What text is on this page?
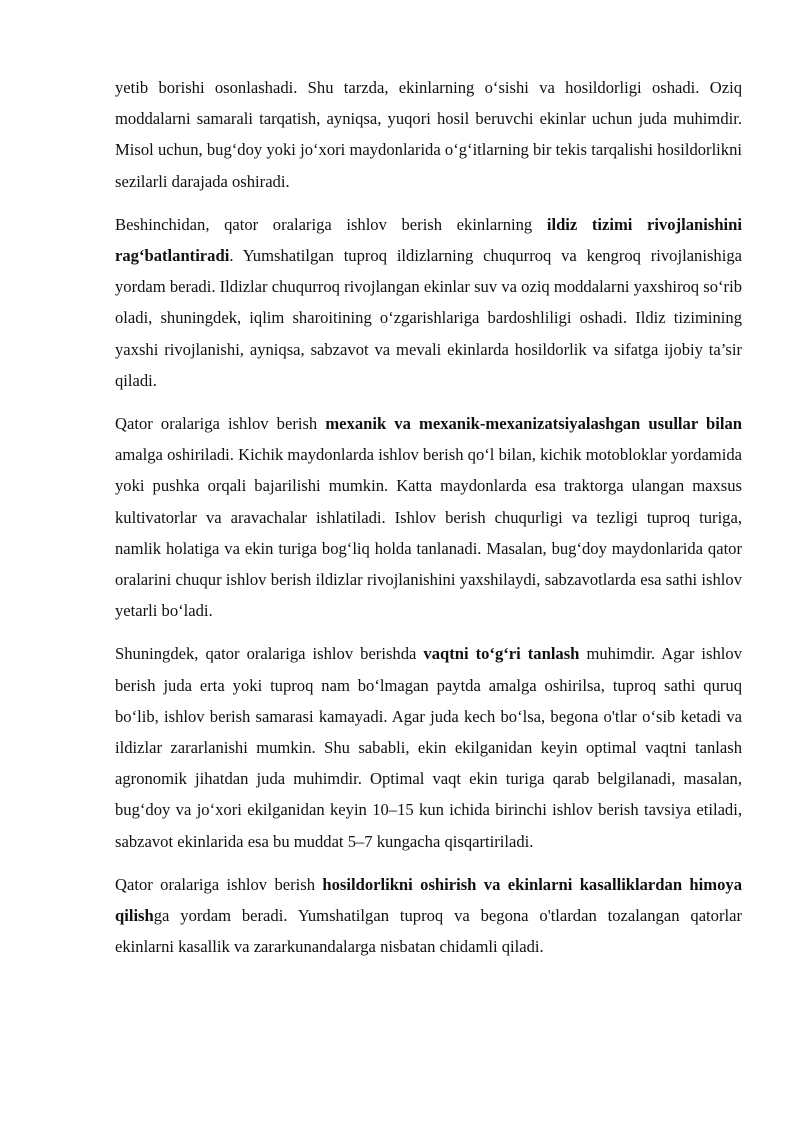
yetib borishi osonlashadi. Shu tarzda, ekinlarning o‘sishi va hosildorligi oshadi. Oziq moddalarni samarali tarqatish, ayniqsa, yuqori hosil beruvchi ekinlar uchun juda muhimdir. Misol uchun, bug‘doy yoki jo‘xori maydonlarida o‘g‘itlarning bir tekis tarqalishi hosildorlikni sezilarli darajada oshiradi.

Beshinchidan, qator oralariga ishlov berish ekinlarning ildiz tizimi rivojlanishini rag‘batlantiradi. Yumshatilgan tuproq ildizlarning chuqurroq va kengroq rivojlanishiga yordam beradi. Ildizlar chuqurroq rivojlangan ekinlar suv va oziq moddalarni yaxshiroq so‘rib oladi, shuningdek, iqlim sharoitining o‘zgarishlariga bardoshliligi oshadi. Ildiz tizimining yaxshi rivojlanishi, ayniqsa, sabzavot va mevali ekinlarda hosildorlik va sifatga ijobiy ta’sir qiladi.

Qator oralariga ishlov berish mexanik va mexanik-mexanizatsiyalashgan usullar bilan amalga oshiriladi. Kichik maydonlarda ishlov berish qo‘l bilan, kichik motobloklar yordamida yoki pushka orqali bajarilishi mumkin. Katta maydonlarda esa traktorga ulangan maxsus kultivatorlar va aravachalar ishlatiladi. Ishlov berish chuqurligi va tezligi tuproq turiga, namlik holatiga va ekin turiga bog‘liq holda tanlanadi. Masalan, bug‘doy maydonlarida qator oralarini chuqur ishlov berish ildizlar rivojlanishini yaxshilaydi, sabzavotlarda esa sathi ishlov yetarli bo‘ladi.

Shuningdek, qator oralariga ishlov berishda vaqtni to‘g‘ri tanlash muhimdir. Agar ishlov berish juda erta yoki tuproq nam bo‘lmagan paytda amalga oshirilsa, tuproq sathi quruq bo‘lib, ishlov berish samarasi kamayadi. Agar juda kech bo‘lsa, begona o'tlar o‘sib ketadi va ildizlar zararlanishi mumkin. Shu sababli, ekin ekilganidan keyin optimal vaqtni tanlash agronomik jihatdan juda muhimdir. Optimal vaqt ekin turiga qarab belgilanadi, masalan, bug‘doy va jo‘xori ekilganidan keyin 10–15 kun ichida birinchi ishlov berish tavsiya etiladi, sabzavot ekinlarida esa bu muddat 5–7 kungacha qisqartiriladi.

Qator oralariga ishlov berish hosildorlikni oshirish va ekinlarni kasalliklardan himoya qilishga yordam beradi. Yumshatilgan tuproq va begona o'tlardan tozalangan qatorlar ekinlarni kasallik va zararkunandalarga nisbatan chidamli qiladi.
